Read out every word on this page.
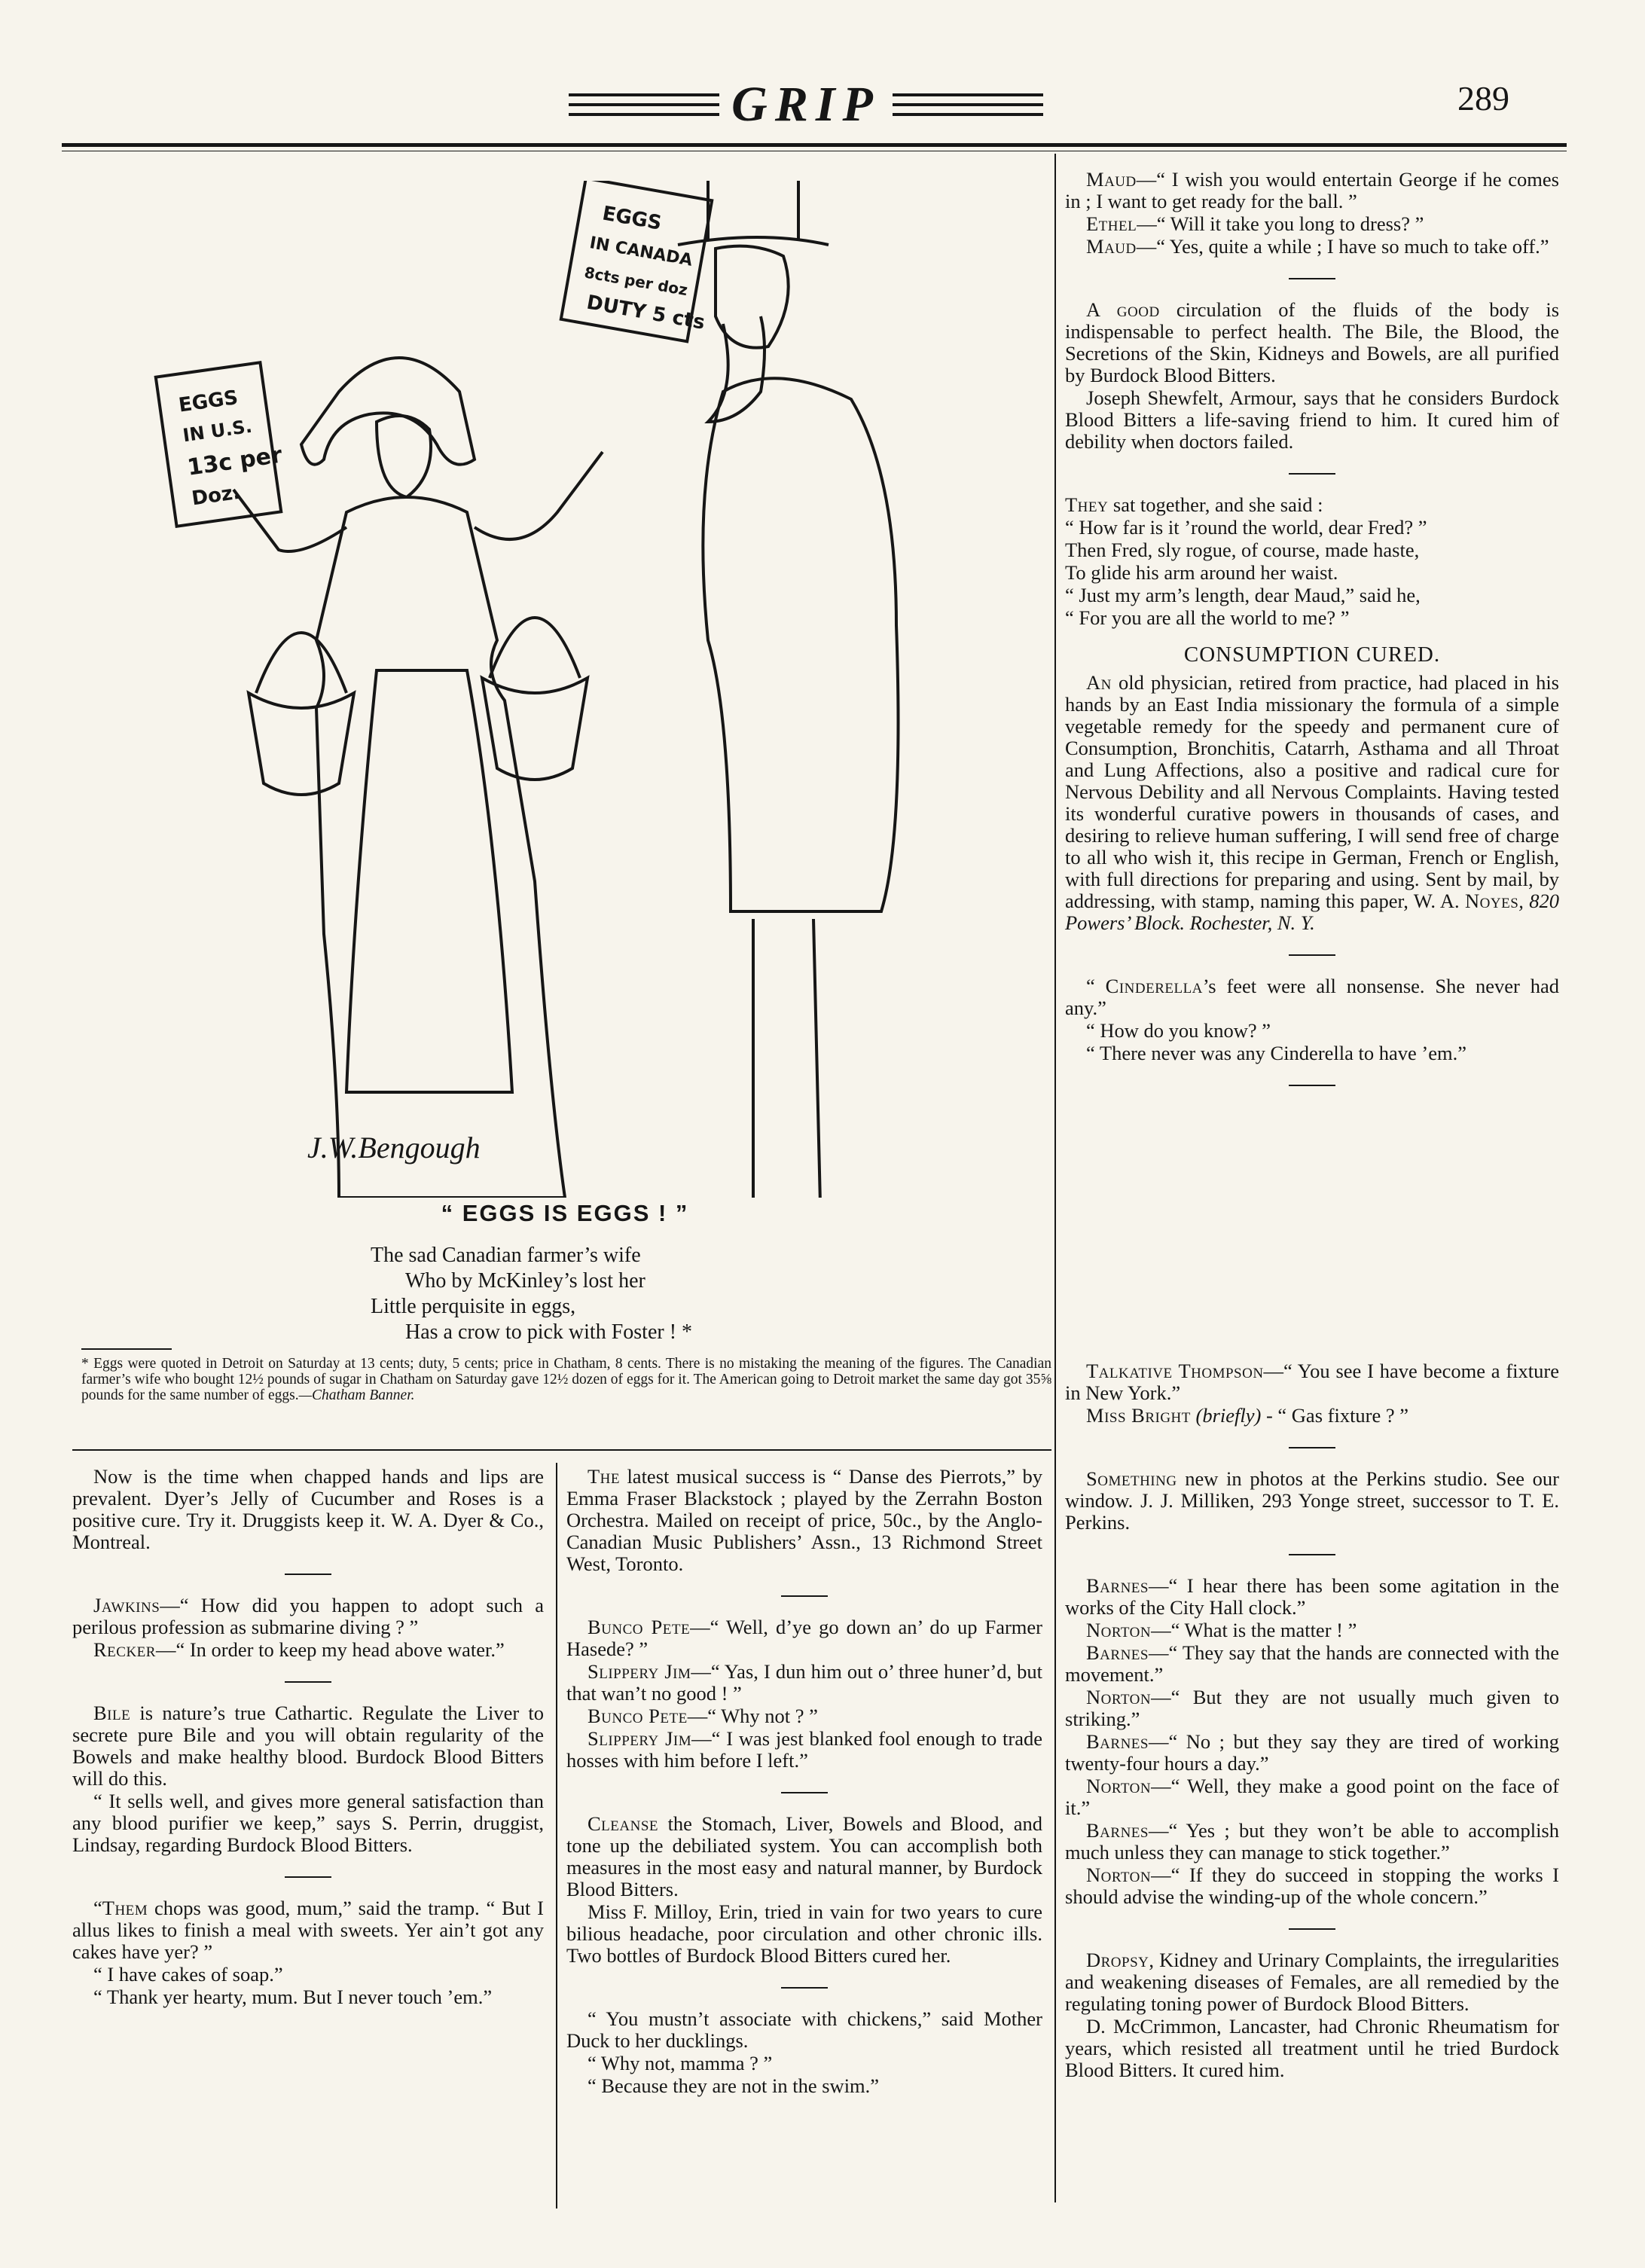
GRIP	289
EGGS
IN U.S.
13c per
Doz.
EGGS
IN CANADA
8cts per doz
DUTY 5 cts
J.W.Bengough
“ EGGS IS EGGS ! ”
The sad Canadian farmer’s wife
Who by McKinley’s lost her
Little perquisite in eggs,
Has a crow to pick with Foster ! *
* Eggs were quoted in Detroit on Saturday at 13 cents; duty, 5 cents; price in Chatham, 8 cents. There is no mistaking the meaning of the figures. The Canadian farmer’s wife who bought 12½ pounds of sugar in Chatham on Saturday gave 12½ dozen of eggs for it. The American going to Detroit market the same day got 35⅝ pounds for the same number of eggs.—Chatham Banner.

Maud—“ I wish you would entertain George if he comes in ; I want to get ready for the ball. ”

Ethel—“ Will it take you long to dress? ”

Maud—“ Yes, quite a while ; I have so much to take off.”

A good circulation of the fluids of the body is indispensable to perfect health. The Bile, the Blood, the Secretions of the Skin, Kidneys and Bowels, are all purified by Burdock Blood Bitters.

Joseph Shewfelt, Armour, says that he considers Burdock Blood Bitters a life-saving friend to him. It cured him of debility when doctors failed.

They sat together, and she said :

“ How far is it ’round the world, dear Fred? ”

Then Fred, sly rogue, of course, made haste,

To glide his arm around her waist.

“ Just my arm’s length, dear Maud,” said he,

“ For you are all the world to me? ”

CONSUMPTION CURED.

An old physician, retired from practice, had placed in his hands by an East India missionary the formula of a simple vegetable remedy for the speedy and permanent cure of Consumption, Bronchitis, Catarrh, Asthama and all Throat and Lung Affections, also a positive and radical cure for Nervous Debility and all Nervous Complaints. Having tested its wonderful curative powers in thousands of cases, and desiring to relieve human suffering, I will send free of charge to all who wish it, this recipe in German, French or English, with full directions for preparing and using. Sent by mail, by addressing, with stamp, naming this paper, W. A. Noyes, 820 Powers’ Block. Rochester, N. Y.

“ Cinderella’s feet were all nonsense. She never had any.”

“ How do you know? ”

“ There never was any Cinderella to have ’em.”

Now is the time when chapped hands and lips are prevalent. Dyer’s Jelly of Cucumber and Roses is a positive cure. Try it. Druggists keep it. W. A. Dyer & Co., Montreal.

Jawkins—“ How did you happen to adopt such a perilous profession as submarine diving ? ”

Recker—“ In order to keep my head above water.”

Bile is nature’s true Cathartic. Regulate the Liver to secrete pure Bile and you will obtain regularity of the Bowels and make healthy blood. Burdock Blood Bitters will do this.

“ It sells well, and gives more general satisfaction than any blood purifier we keep,” says S. Perrin, druggist, Lindsay, regarding Burdock Blood Bitters.

“Them chops was good, mum,” said the tramp. “ But I allus likes to finish a meal with sweets. Yer ain’t got any cakes have yer? ”

“ I have cakes of soap.”

“ Thank yer hearty, mum. But I never touch ’em.”

The latest musical success is “ Danse des Pierrots,” by Emma Fraser Blackstock ; played by the Zerrahn Boston Orchestra. Mailed on receipt of price, 50c., by the Anglo-Canadian Music Publishers’ Assn., 13 Richmond Street West, Toronto.

Bunco Pete—“ Well, d’ye go down an’ do up Farmer Hasede? ”

Slippery Jim—“ Yas, I dun him out o’ three huner’d, but that wan’t no good ! ”

Bunco Pete—“ Why not ? ”

Slippery Jim—“ I was jest blanked fool enough to trade hosses with him before I left.”

Cleanse the Stomach, Liver, Bowels and Blood, and tone up the debiliated system. You can accomplish both measures in the most easy and natural manner, by Burdock Blood Bitters.

Miss F. Milloy, Erin, tried in vain for two years to cure bilious headache, poor circulation and other chronic ills. Two bottles of Burdock Blood Bitters cured her.

“ You mustn’t associate with chickens,” said Mother Duck to her ducklings.

“ Why not, mamma ? ”

“ Because they are not in the swim.”

Talkative Thompson—“ You see I have become a fixture in New York.”

Miss Bright (briefly) - “ Gas fixture ? ”

Something new in photos at the Perkins studio. See our window. J. J. Milliken, 293 Yonge street, successor to T. E. Perkins.

Barnes—“ I hear there has been some agitation in the works of the City Hall clock.”

Norton—“ What is the matter ! ”

Barnes—“ They say that the hands are connected with the movement.”

Norton—“ But they are not usually much given to striking.”

Barnes—“ No ; but they say they are tired of working twenty-four hours a day.”

Norton—“ Well, they make a good point on the face of it.”

Barnes—“ Yes ; but they won’t be able to accomplish much unless they can manage to stick together.”

Norton—“ If they do succeed in stopping the works I should advise the winding-up of the whole concern.”

Dropsy, Kidney and Urinary Complaints, the irregularities and weakening diseases of Females, are all remedied by the regulating toning power of Burdock Blood Bitters.

D. McCrimmon, Lancaster, had Chronic Rheumatism for years, which resisted all treatment until he tried Burdock Blood Bitters. It cured him.
